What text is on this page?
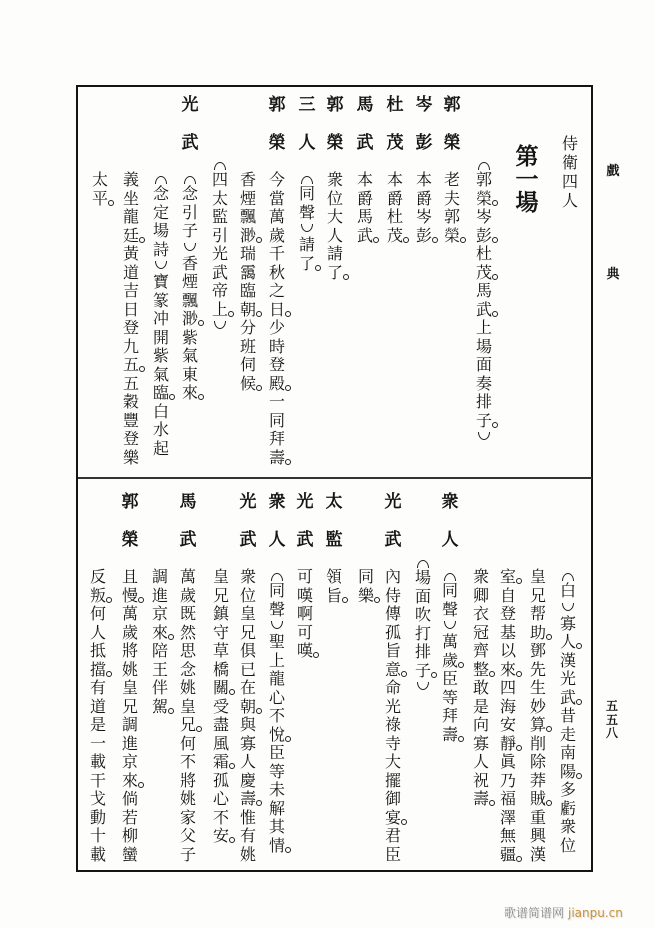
戲
典
五
五
八
侍
衛
四
人
第
一
場
郭
榮
岑
彭
杜
茂
馬
武
上
場
面
奏
排
子
郭
榮
老
夫
郭
榮
岑
彭
本
爵
岑
彭
杜
茂
本
爵
杜
茂
馬
武
本
爵
馬
武
郭
榮
衆
位
大
人
請
了
三
人
同
聲
請
了
郭
榮
今
當
萬
歲
千
秋
之
日
少
時
登
殿
一
同
拜
壽
香
煙
飄
渺
瑞
靄
臨
朝
分
班
伺
候
四
太
監
引
光
武
帝
上
光
武
念
引
子
香
煙
飄
渺
紫
氣
東
來
念
定
場
詩
寶
篆
冲
開
紫
氣
臨
白
水
起
義
坐
龍
廷
黃
道
吉
日
登
九
五
五
穀
豐
登
樂
太
平
白
寡
人
漢
光
武
昔
走
南
陽
多
虧
衆
位
皇
兄
帮
助
鄧
先
生
妙
算
削
除
莽
賊
重
興
漢
室
自
登
基
以
來
四
海
安
靜
眞
乃
福
澤
無
疆
衆
卿
衣
冠
齊
整
敢
是
向
寡
人
祝
壽
衆
人
同
聲
萬
歲
臣
等
拜
壽
場
面
吹
打
排
子
光
武
內
侍
傳
孤
旨
意
命
光
祿
寺
大
擺
御
宴
君
臣
同
樂
太
監
領
旨
光
武
可
嘆
啊
可
嘆
衆
人
同
聲
聖
上
龍
心
不
悅
臣
等
未
解
其
情
光
武
衆
位
皇
兄
俱
已
在
朝
與
寡
人
慶
壽
惟
有
姚
皇
兄
鎮
守
草
橋
關
受
盡
風
霜
孤
心
不
安
馬
武
萬
歲
既
然
思
念
姚
皇
兄
何
不
將
姚
家
父
子
調
進
京
來
陪
王
伴
駕
郭
榮
且
慢
萬
歲
將
姚
皇
兄
調
進
京
來
倘
若
柳
蠻
反
叛
何
人
抵
擋
有
道
是
一
載
干
戈
動
十
載
歌谱简谱网 jianpu.cn
